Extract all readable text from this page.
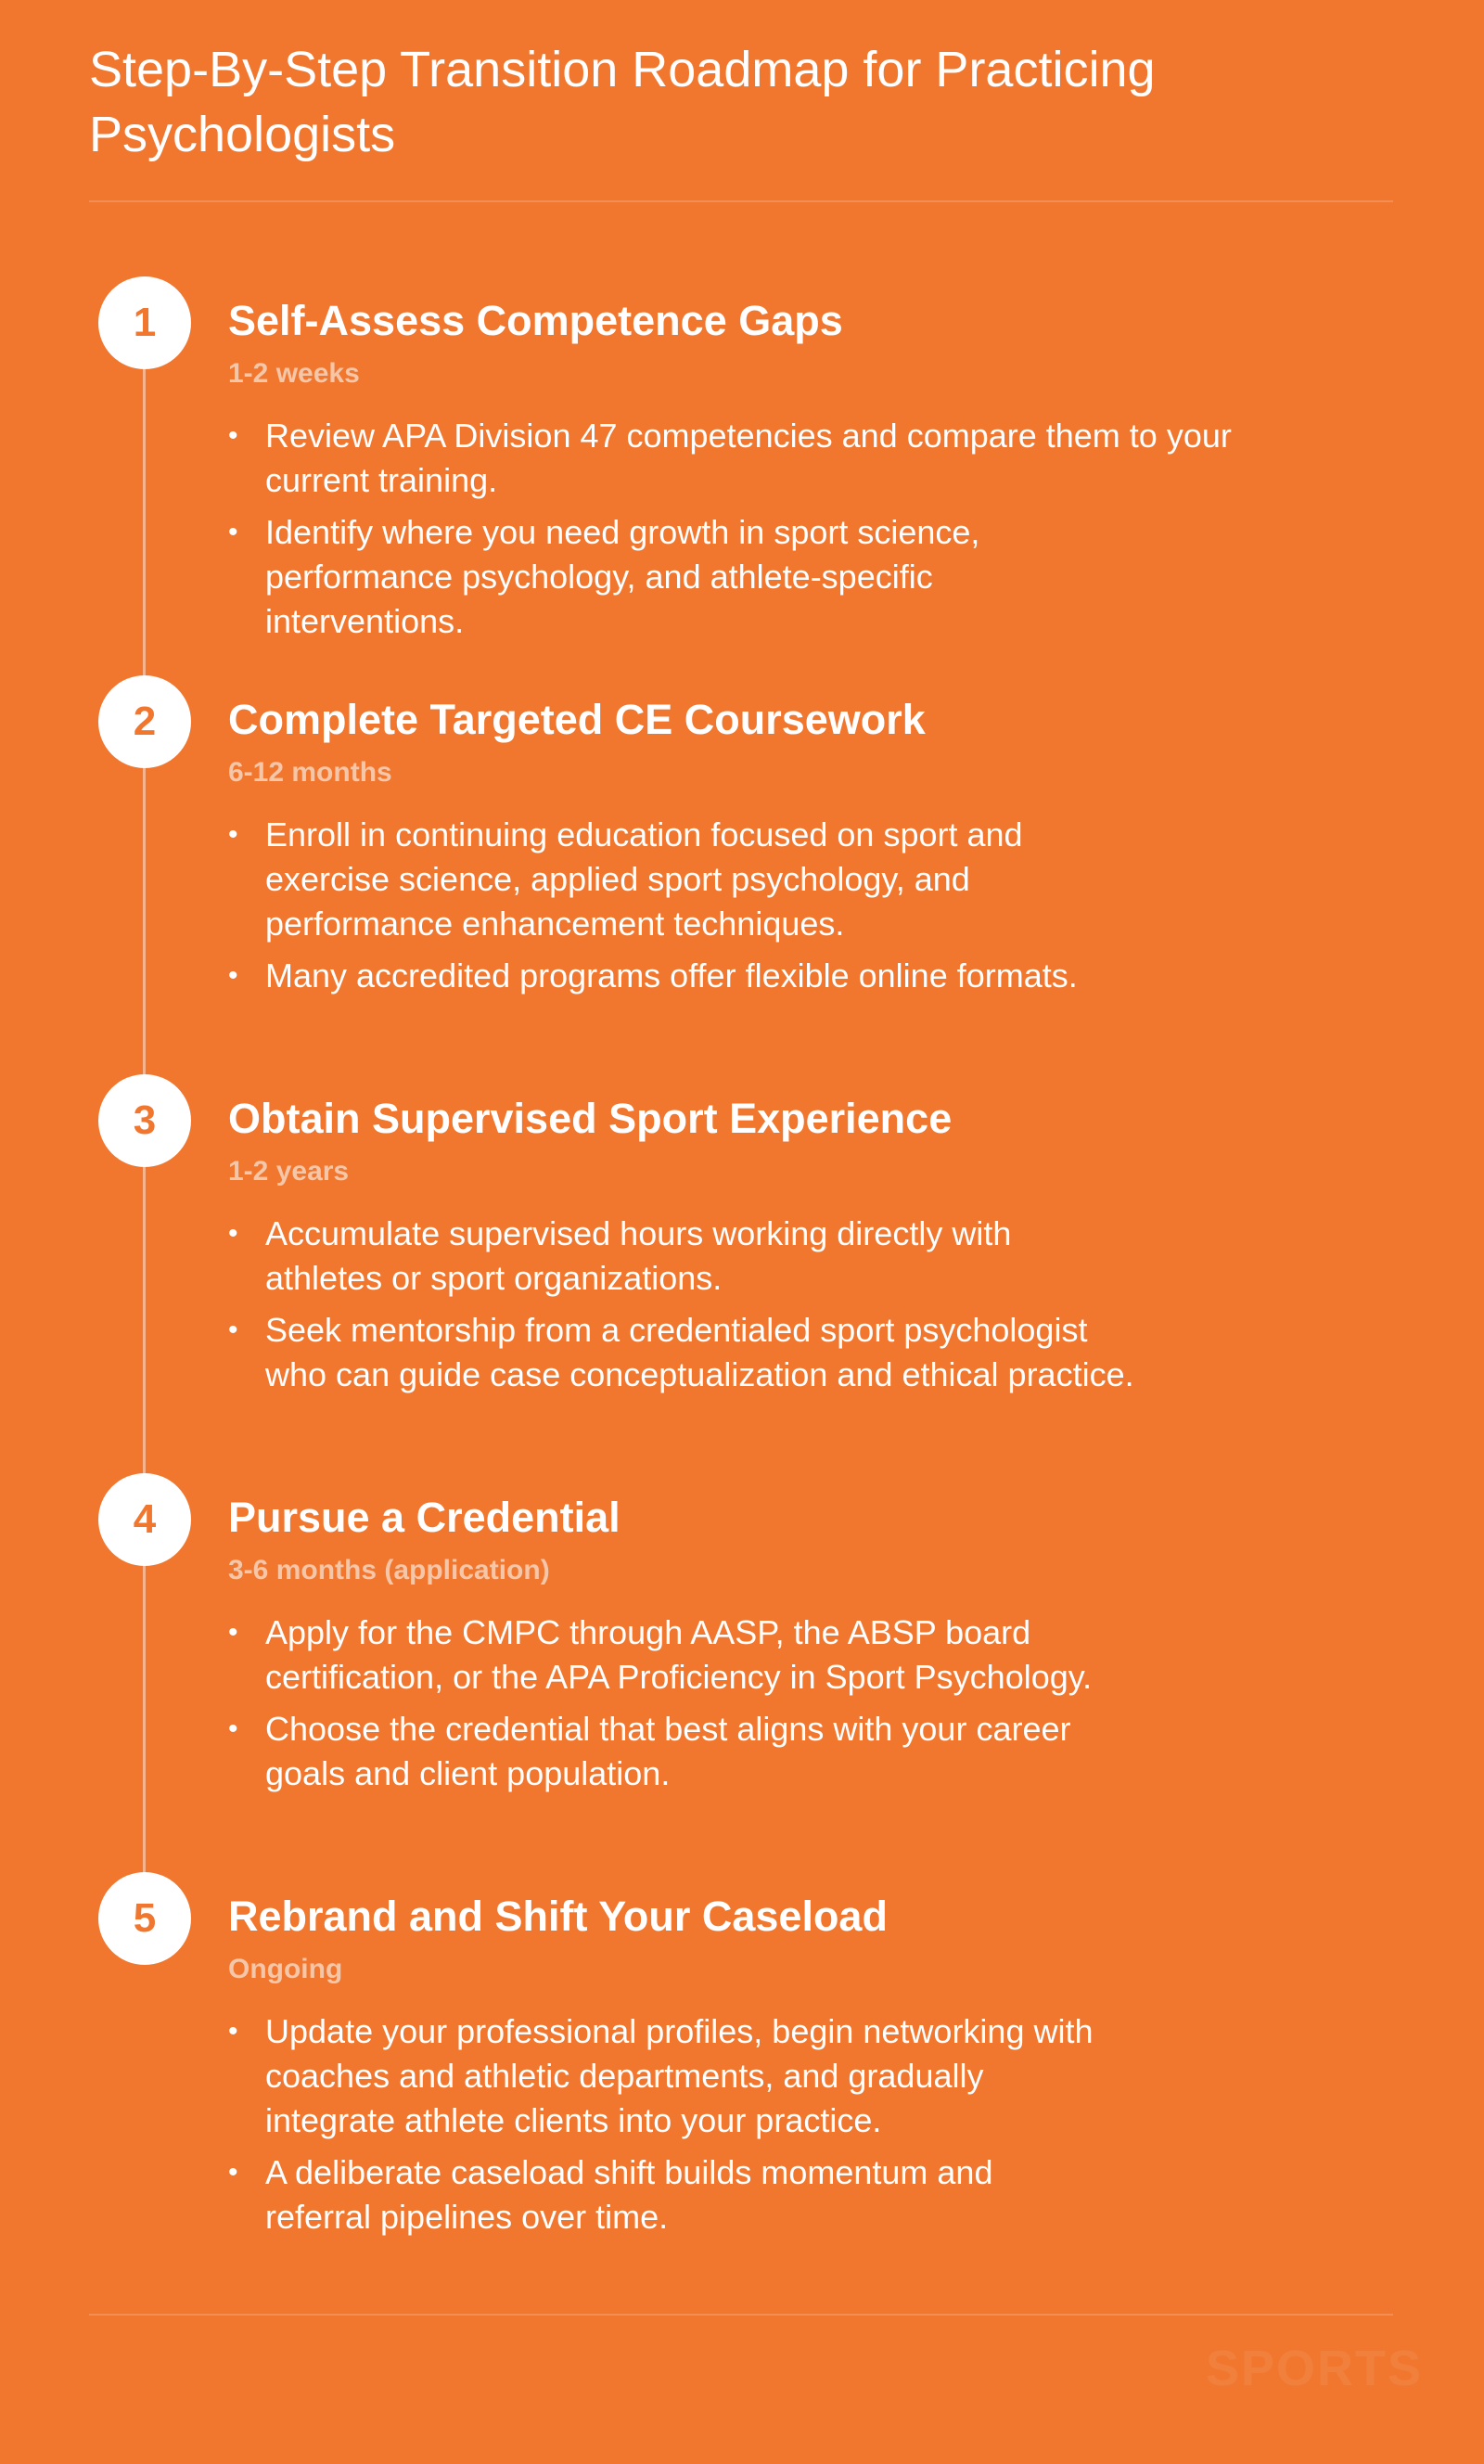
Step-By-Step Transition Roadmap for Practicing Psychologists
1	Self-Assess Competence Gaps
1-2 weeks
• Review APA Division 47 competencies and compare them to your current training.
• Identify where you need growth in sport science, performance psychology, and athlete-specific interventions.
2	Complete Targeted CE Coursework
6-12 months
• Enroll in continuing education focused on sport and exercise science, applied sport psychology, and performance enhancement techniques.
• Many accredited programs offer flexible online formats.
3	Obtain Supervised Sport Experience
1-2 years
• Accumulate supervised hours working directly with athletes or sport organizations.
• Seek mentorship from a credentialed sport psychologist who can guide case conceptualization and ethical practice.
4	Pursue a Credential
3-6 months (application)
• Apply for the CMPC through AASP, the ABSP board certification, or the APA Proficiency in Sport Psychology.
• Choose the credential that best aligns with your career goals and client population.
5	Rebrand and Shift Your Caseload
Ongoing
• Update your professional profiles, begin networking with coaches and athletic departments, and gradually integrate athlete clients into your practice.
• A deliberate caseload shift builds momentum and referral pipelines over time.
SPORTS
